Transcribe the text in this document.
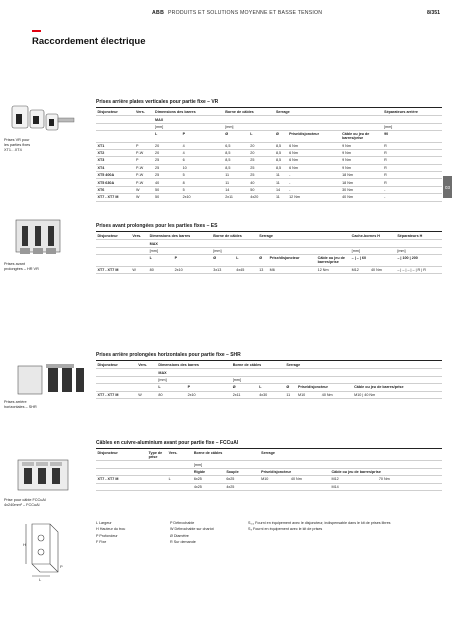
ABB PRODUITS ET SOLUTIONS MOYENNE ET BASSE TENSION	8/351
Raccordement électrique
03
Prises VR pour
les parties fixes
XT1…XT4
Prises arrière plates verticales pour partie fixe – VR
Disjoncteur	Vers.	Dimensions des barres		Borne de câbles		Serrage			Séparateurs arrière
		MAX							
		[mm]		[mm]					[mm]
		L	P	Ø	L	Ø	Prise/disjoncteur	Câble ou jeu de barres/prise	90
XT1	P	20	4	6,5	20	8,5	6 Nm	9 Nm	R
XT2	P-W	20	4	8,5	20	8,5	6 Nm	9 Nm	R
XT3	P	25	6	8,5	25	8,5	6 Nm	9 Nm	R
XT4	P-W	25	10	8,5	25	8,5	6 Nm	9 Nm	R
XT5 400A	P-W	25	5	11	25	11	-	18 Nm	R
XT5 630A	P-W	40	8	11	40	11	-	18 Nm	R
XT6	W	50	5	14	50	14	-	30 Nm	-
XT7 - XT7 M	W	50	2x10	2x11	4x20	11	12 Nm	40 Nm	-
Prises avant
prolongées – HR VR
Prises avant prolongées pour les parties fixes – ES
Disjoncteur	Vers.	Dimensions des barres		Borne de câbles		Serrage			Cache-bornes H		Séparateurs H
		MAX									
		[mm]		[mm]					[mm]		[mm]
		L	P	Ø	L	Ø	Prise/disjoncteur	Câble ou jeu de barres/prise	– | – | 60		– | 100 | 200
XT7 - XT7 M	W	80	2x10	3x13	4x45	13	M6	12 Nm	M12	40 Nm	– | – | – | – | R | R
Prises arrière
horizontales – SHR
Prises arrière prolongées horizontales pour partie fixe – SHR
Disjoncteur	Vers.	Dimensions des barres		Borne de câbles		Serrage			
		MAX							
		[mm]		[mm]					
		L	P	Ø	L	Ø	Prise/disjoncteur		Câble ou jeu de barres/prise
XT7 - XT7 M	W	80	2x10	2x11	4x30	11	M10	40 Nm	M10 | 40 Nm
Prise pour câble FCCuAl
4x240mm² – FCCuAl
Câbles en cuivre-aluminium avant pour partie fixe – FCCuAl
Disjoncteur	Type de prise	Vers.	Borne de câbles		Serrage			
			[mm]					
			Rigide	Souple	Prise/disjoncteur		Câble ou jeu de barres/prise	
XT7 - XT7 M		L	6x25	6x25	M10	40 Nm	M12	70 Nm
			4x25	4x25			M14	
H
L
P
L Largeur
H Hauteur du trou
P Profondeur
F Fixe
P Débrochable
W Débrochable sur chariot
Ø Diamètre
R Sur demande
S₁,₂ Fourni en équipement avec le disjoncteur, indispensable dans le kit de prises libres
S₃ Fourni en équipement avec le kit de prises
